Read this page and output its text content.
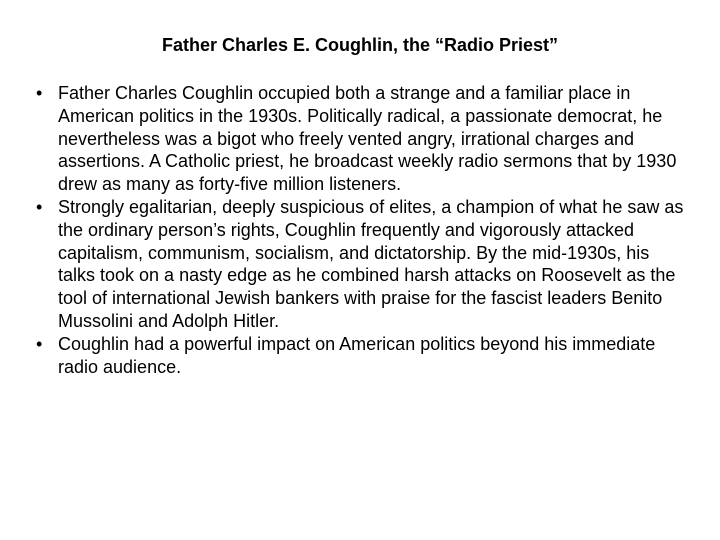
Father Charles E. Coughlin, the “Radio Priest”
• Father Charles Coughlin occupied both a strange and a familiar place in American politics in the 1930s. Politically radical, a passionate democrat, he nevertheless was a bigot who freely vented angry, irrational charges and assertions. A Catholic priest, he broadcast weekly radio sermons that by 1930 drew as many as forty-five million listeners.
• Strongly egalitarian, deeply suspicious of elites, a champion of what he saw as the ordinary person’s rights, Coughlin frequently and vigorously attacked capitalism, communism, socialism, and dictatorship. By the mid-1930s, his talks took on a nasty edge as he combined harsh attacks on Roosevelt as the tool of international Jewish bankers with praise for the fascist leaders Benito Mussolini and Adolph Hitler.
• Coughlin had a powerful impact on American politics beyond his immediate radio audience.
